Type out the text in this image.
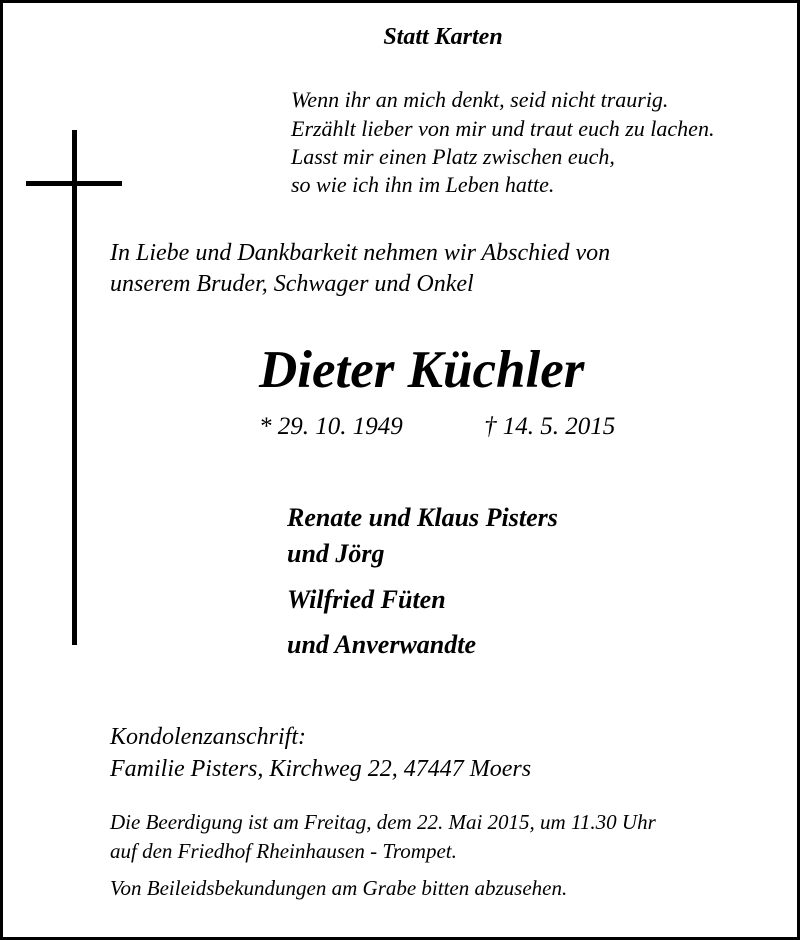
Statt Karten
Wenn ihr an mich denkt, seid nicht traurig.
Erzählt lieber von mir und traut euch zu lachen.
Lasst mir einen Platz zwischen euch,
so wie ich ihn im Leben hatte.
In Liebe und Dankbarkeit nehmen wir Abschied von
unserem Bruder, Schwager und Onkel
Dieter Küchler
* 29. 10. 1949	† 14. 5. 2015
Renate und Klaus Pisters
und Jörg
Wilfried Füten
und Anverwandte
Kondolenzanschrift:
Familie Pisters, Kirchweg 22, 47447 Moers
Die Beerdigung ist am Freitag, dem 22. Mai 2015, um 11.30 Uhr
auf den Friedhof Rheinhausen - Trompet.
Von Beileidsbekundungen am Grabe bitten abzusehen.
